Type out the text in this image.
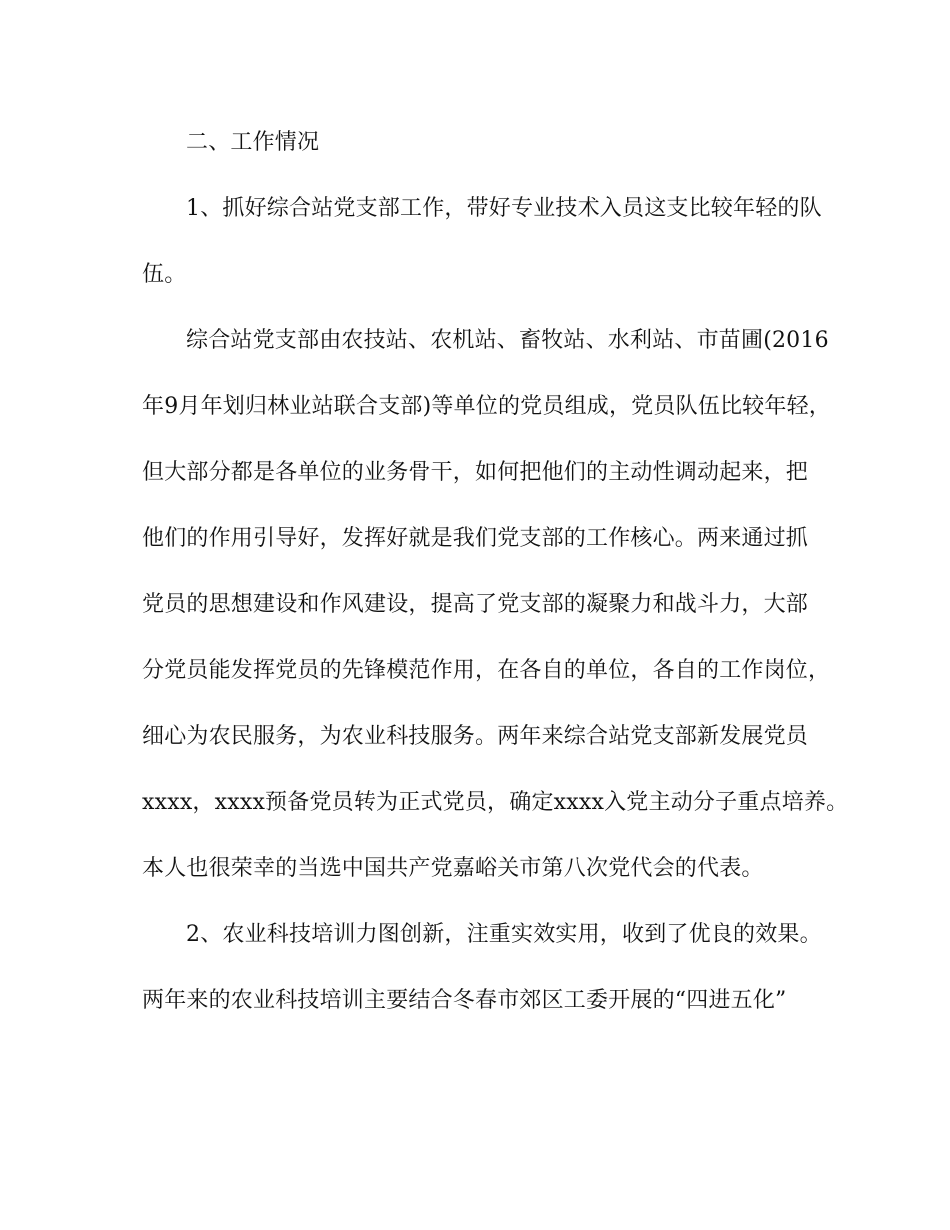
二、工作情况
1、抓好综合站党支部工作，带好专业技术入员这支比较年轻的队
伍。
综合站党支部由农技站、农机站、畜牧站、水利站、市苗圃(2016
年9月年划归林业站联合支部)等单位的党员组成，党员队伍比较年轻，
但大部分都是各单位的业务骨干，如何把他们的主动性调动起来，把
他们的作用引导好，发挥好就是我们党支部的工作核心。两来通过抓
党员的思想建设和作风建设，提高了党支部的凝聚力和战斗力，大部
分党员能发挥党员的先锋模范作用，在各自的单位，各自的工作岗位，
细心为农民服务，为农业科技服务。两年来综合站党支部新发展党员
xxxx，xxxx预备党员转为正式党员，确定xxxx入党主动分子重点培养。
本人也很荣幸的当选中国共产党嘉峪关市第八次党代会的代表。
2、农业科技培训力图创新，注重实效实用，收到了优良的效果。
两年来的农业科技培训主要结合冬春市郊区工委开展的“四进五化”
